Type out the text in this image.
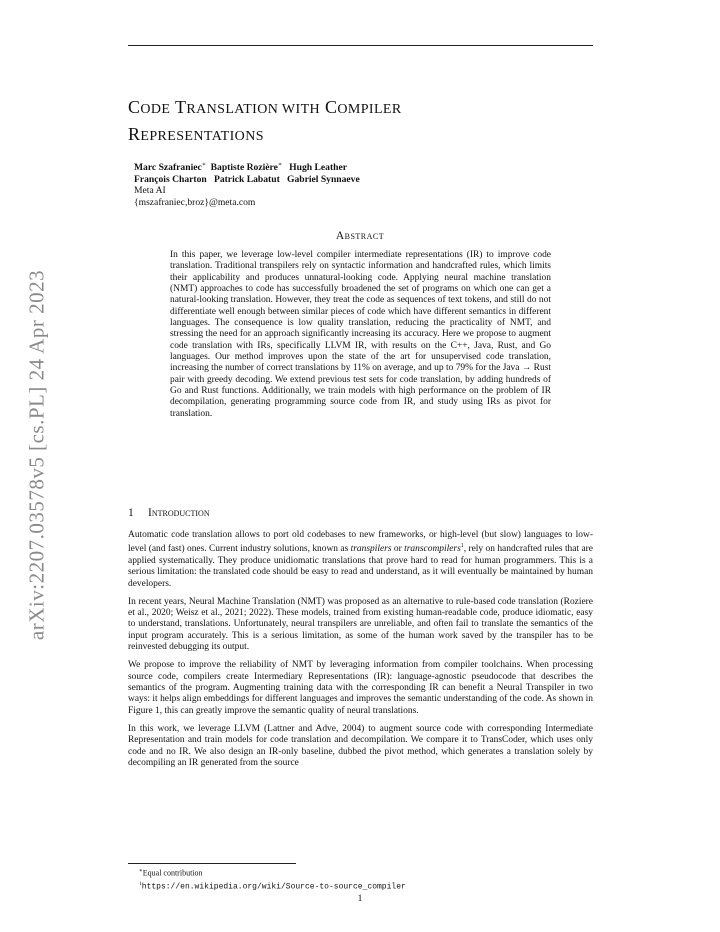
arXiv:2207.03578v5 [cs.PL] 24 Apr 2023
CODE TRANSLATION WITH COMPILER
REPRESENTATIONS
Marc Szafraniec∗ Baptiste Rozière∗ Hugh Leather
François Charton Patrick Labatut Gabriel Synnaeve
Meta AI
{mszafraniec,broz}@meta.com
Abstract
In this paper, we leverage low-level compiler intermediate representations (IR) to improve code translation. Traditional transpilers rely on syntactic information and handcrafted rules, which limits their applicability and produces unnatural-looking code. Applying neural machine translation (NMT) approaches to code has successfully broadened the set of programs on which one can get a natural-looking translation. However, they treat the code as sequences of text tokens, and still do not differentiate well enough between similar pieces of code which have different semantics in different languages. The consequence is low quality translation, reducing the practicality of NMT, and stressing the need for an approach significantly increasing its accuracy. Here we propose to augment code translation with IRs, specifically LLVM IR, with results on the C++, Java, Rust, and Go languages. Our method improves upon the state of the art for unsupervised code translation, increasing the number of correct translations by 11% on average, and up to 79% for the Java → Rust pair with greedy decoding. We extend previous test sets for code translation, by adding hundreds of Go and Rust functions. Additionally, we train models with high performance on the problem of IR decompilation, generating programming source code from IR, and study using IRs as pivot for translation.
1 Introduction

Automatic code translation allows to port old codebases to new frameworks, or high-level (but slow) languages to low-level (and fast) ones. Current industry solutions, known as transpilers or transcompilers$^1$, rely on handcrafted rules that are applied systematically. They produce unidiomatic translations that prove hard to read for human programmers. This is a serious limitation: the translated code should be easy to read and understand, as it will eventually be maintained by human developers.

In recent years, Neural Machine Translation (NMT) was proposed as an alternative to rule-based code translation (Roziere et al., 2020; Weisz et al., 2021; 2022). These models, trained from existing human-readable code, produce idiomatic, easy to understand, translations. Unfortunately, neural transpilers are unreliable, and often fail to translate the semantics of the input program accurately. This is a serious limitation, as some of the human work saved by the transpiler has to be reinvested debugging its output.

We propose to improve the reliability of NMT by leveraging information from compiler toolchains. When processing source code, compilers create Intermediary Representations (IR): language-agnostic pseudocode that describes the semantics of the program. Augmenting training data with the corresponding IR can benefit a Neural Transpiler in two ways: it helps align embeddings for different languages and improves the semantic understanding of the code. As shown in Figure 1, this can greatly improve the semantic quality of neural translations.

In this work, we leverage LLVM (Lattner and Adve, 2004) to augment source code with corresponding Intermediate Representation and train models for code translation and decompilation. We compare it to TransCoder, which uses only code and no IR. We also design an IR-only baseline, dubbed the pivot method, which generates a translation solely by decompiling an IR generated from the source

∗Equal contribution
$^1$https://en.wikipedia.org/wiki/Source-to-source_compiler
1
